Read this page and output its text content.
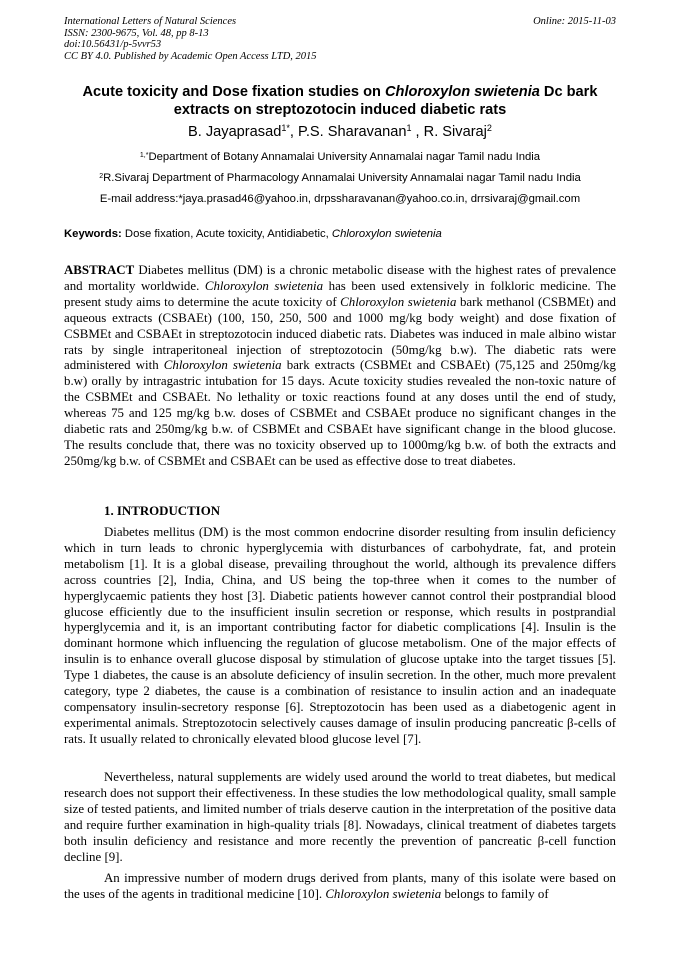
International Letters of Natural Sciences
ISSN: 2300-9675, Vol. 48, pp 8-13
doi:10.56431/p-5vvr53
CC BY 4.0. Published by Academic Open Access LTD, 2015
Online: 2015-11-03
Acute toxicity and Dose fixation studies on Chloroxylon swietenia Dc bark extracts on streptozotocin induced diabetic rats
B. Jayaprasad$^{1*}$, P.S. Sharavanan$^1$ , R. Sivaraj$^2$
$^{1,*}$Department of Botany Annamalai University Annamalai nagar Tamil nadu India
$^2$R.Sivaraj Department of Pharmacology Annamalai University Annamalai nagar Tamil nadu India
E-mail address:*jaya.prasad46@yahoo.in, drpssharavanan@yahoo.co.in, drrsivaraj@gmail.com
Keywords: Dose fixation, Acute toxicity, Antidiabetic, Chloroxylon swietenia

ABSTRACT Diabetes mellitus (DM) is a chronic metabolic disease with the highest rates of prevalence and mortality worldwide. Chloroxylon swietenia has been used extensively in folkloric medicine. The present study aims to determine the acute toxicity of Chloroxylon swietenia bark methanol (CSBMEt) and aqueous extracts (CSBAEt) (100, 150, 250, 500 and 1000 mg/kg body weight) and dose fixation of CSBMEt and CSBAEt in streptozotocin induced diabetic rats. Diabetes was induced in male albino wistar rats by single intraperitoneal injection of streptozotocin (50mg/kg b.w). The diabetic rats were administered with Chloroxylon swietenia bark extracts (CSBMEt and CSBAEt) (75,125 and 250mg/kg b.w) orally by intragastric intubation for 15 days. Acute toxicity studies revealed the non-toxic nature of the CSBMEt and CSBAEt. No lethality or toxic reactions found at any doses until the end of study, whereas 75 and 125 mg/kg b.w. doses of CSBMEt and CSBAEt produce no significant changes in the diabetic rats and 250mg/kg b.w. of CSBMEt and CSBAEt have significant change in the blood glucose. The results conclude that, there was no toxicity observed up to 1000mg/kg b.w. of both the extracts and 250mg/kg b.w. of CSBMEt and CSBAEt can be used as effective dose to treat diabetes.

1. INTRODUCTION

Diabetes mellitus (DM) is the most common endocrine disorder resulting from insulin deficiency which in turn leads to chronic hyperglycemia with disturbances of carbohydrate, fat, and protein metabolism [1]. It is a global disease, prevailing throughout the world, although its prevalence differs across countries [2], India, China, and US being the top-three when it comes to the number of hyperglycaemic patients they host [3]. Diabetic patients however cannot control their postprandial blood glucose efficiently due to the insufficient insulin secretion or response, which results in postprandial hyperglycemia and it, is an important contributing factor for diabetic complications [4]. Insulin is the dominant hormone which influencing the regulation of glucose metabolism. One of the major effects of insulin is to enhance overall glucose disposal by stimulation of glucose uptake into the target tissues [5]. Type 1 diabetes, the cause is an absolute deficiency of insulin secretion. In the other, much more prevalent category, type 2 diabetes, the cause is a combination of resistance to insulin action and an inadequate compensatory insulin-secretory response [6]. Streptozotocin has been used as a diabetogenic agent in experimental animals. Streptozotocin selectively causes damage of insulin producing pancreatic β-cells of rats. It usually related to chronically elevated blood glucose level [7].

Nevertheless, natural supplements are widely used around the world to treat diabetes, but medical research does not support their effectiveness. In these studies the low methodological quality, small sample size of tested patients, and limited number of trials deserve caution in the interpretation of the positive data and require further examination in high-quality trials [8]. Nowadays, clinical treatment of diabetes targets both insulin deficiency and resistance and more recently the prevention of pancreatic β-cell function decline [9].

An impressive number of modern drugs derived from plants, many of this isolate were based on the uses of the agents in traditional medicine [10]. Chloroxylon swietenia belongs to family of
